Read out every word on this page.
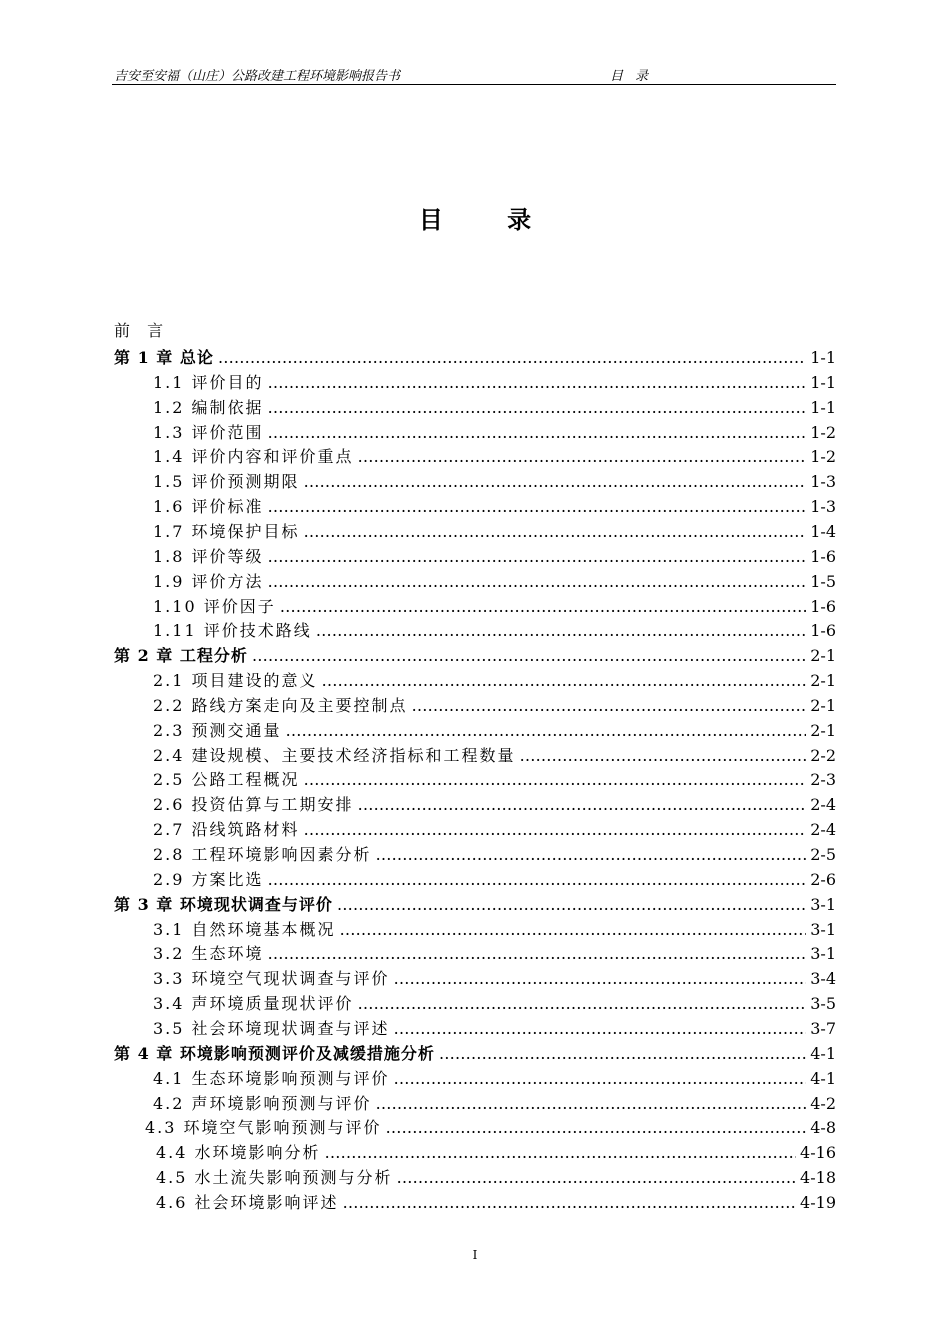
吉安至安福（山庄）公路改建工程环境影响报告书	目 录
目 录
前 言
第 1 章 总论 …………………………………………………………………………………………………………………………………………………………………………	1-1
1.1 评价目的 …………………………………………………………………………………………………………………………………………………………………………	1-1
1.2 编制依据 …………………………………………………………………………………………………………………………………………………………………………	1-1
1.3 评价范围 …………………………………………………………………………………………………………………………………………………………………………	1-2
1.4 评价内容和评价重点 …………………………………………………………………………………………………………………………………………………………………………	1-2
1.5 评价预测期限 …………………………………………………………………………………………………………………………………………………………………………	1-3
1.6 评价标准 …………………………………………………………………………………………………………………………………………………………………………	1-3
1.7 环境保护目标 …………………………………………………………………………………………………………………………………………………………………………	1-4
1.8 评价等级 …………………………………………………………………………………………………………………………………………………………………………	1-6
1.9 评价方法 …………………………………………………………………………………………………………………………………………………………………………	1-5
1.10 评价因子 …………………………………………………………………………………………………………………………………………………………………………	1-6
1.11 评价技术路线 …………………………………………………………………………………………………………………………………………………………………………	1-6
第 2 章 工程分析 …………………………………………………………………………………………………………………………………………………………………………	2-1
2.1 项目建设的意义 …………………………………………………………………………………………………………………………………………………………………………	2-1
2.2 路线方案走向及主要控制点 …………………………………………………………………………………………………………………………………………………………………………	2-1
2.3 预测交通量 …………………………………………………………………………………………………………………………………………………………………………	2-1
2.4 建设规模、主要技术经济指标和工程数量 …………………………………………………………………………………………………………………………………………………………………………	2-2
2.5 公路工程概况 …………………………………………………………………………………………………………………………………………………………………………	2-3
2.6 投资估算与工期安排 …………………………………………………………………………………………………………………………………………………………………………	2-4
2.7 沿线筑路材料 …………………………………………………………………………………………………………………………………………………………………………	2-4
2.8 工程环境影响因素分析 …………………………………………………………………………………………………………………………………………………………………………	2-5
2.9 方案比选 …………………………………………………………………………………………………………………………………………………………………………	2-6
第 3 章 环境现状调查与评价 …………………………………………………………………………………………………………………………………………………………………………	3-1
3.1 自然环境基本概况 …………………………………………………………………………………………………………………………………………………………………………	3-1
3.2 生态环境 …………………………………………………………………………………………………………………………………………………………………………	3-1
3.3 环境空气现状调查与评价 …………………………………………………………………………………………………………………………………………………………………………	3-4
3.4 声环境质量现状评价 …………………………………………………………………………………………………………………………………………………………………………	3-5
3.5 社会环境现状调查与评述 …………………………………………………………………………………………………………………………………………………………………………	3-7
第 4 章 环境影响预测评价及减缓措施分析 …………………………………………………………………………………………………………………………………………………………………………	4-1
4.1 生态环境影响预测与评价 …………………………………………………………………………………………………………………………………………………………………………	4-1
4.2 声环境影响预测与评价 …………………………………………………………………………………………………………………………………………………………………………	4-2
4.3 环境空气影响预测与评价 …………………………………………………………………………………………………………………………………………………………………………	4-8
4.4 水环境影响分析 …………………………………………………………………………………………………………………………………………………………………………	4-16
4.5 水土流失影响预测与分析 …………………………………………………………………………………………………………………………………………………………………………	4-18
4.6 社会环境影响评述 …………………………………………………………………………………………………………………………………………………………………………	4-19
I
